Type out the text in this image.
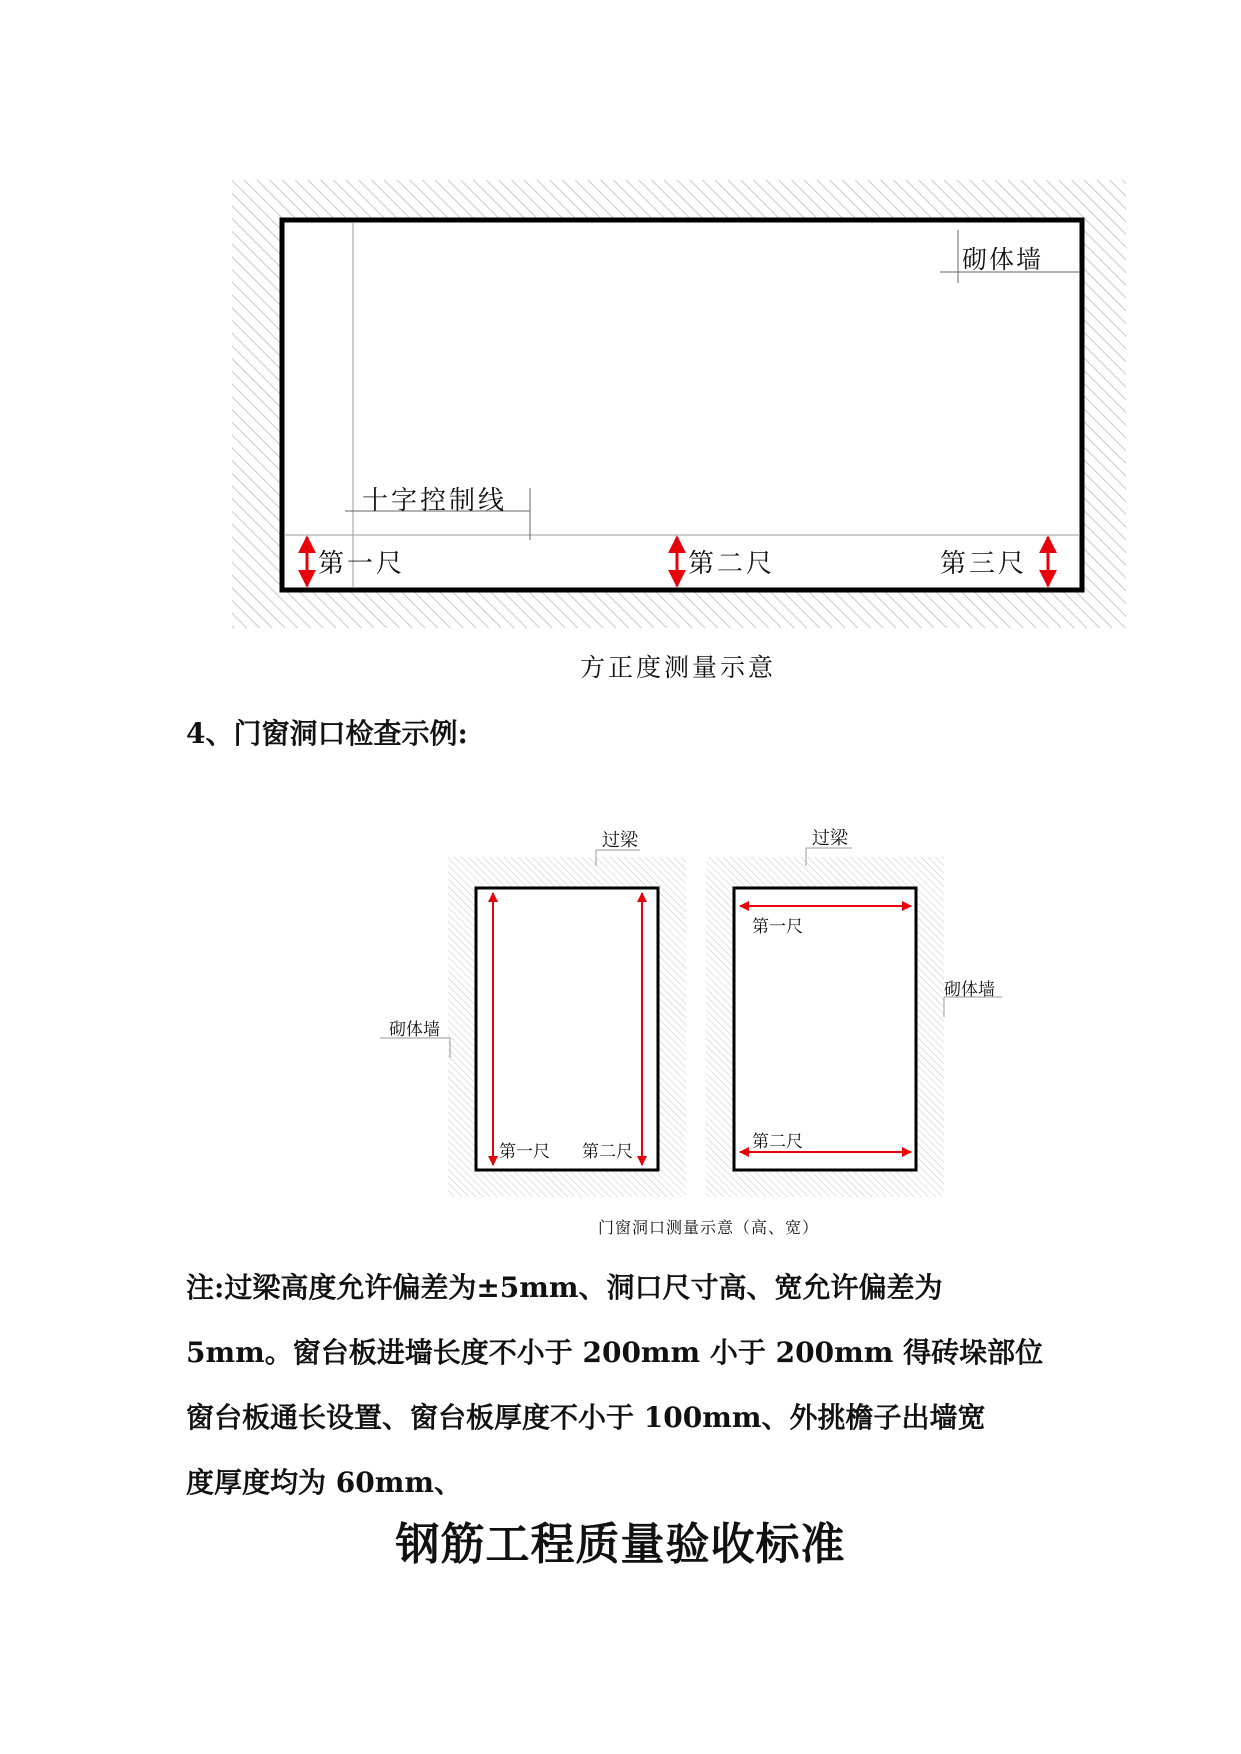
砌体墙
十字控制线
第一尺	第二尺	第三尺
方正度测量示意
4、门窗洞口检查示例:
过梁
砌体墙
第一尺 第二尺
过梁
砌体墙
第一尺
第二尺
门窗洞口测量示意（高、宽）

注:过梁高度允许偏差为±5mm、洞口尺寸高、宽允许偏差为

5mm。窗台板进墙长度不小于 200mm 小于 200mm 得砖垛部位

窗台板通长设置、窗台板厚度不小于 100mm、外挑檐子出墙宽

度厚度均为 60mm、

钢筋工程质量验收标准
